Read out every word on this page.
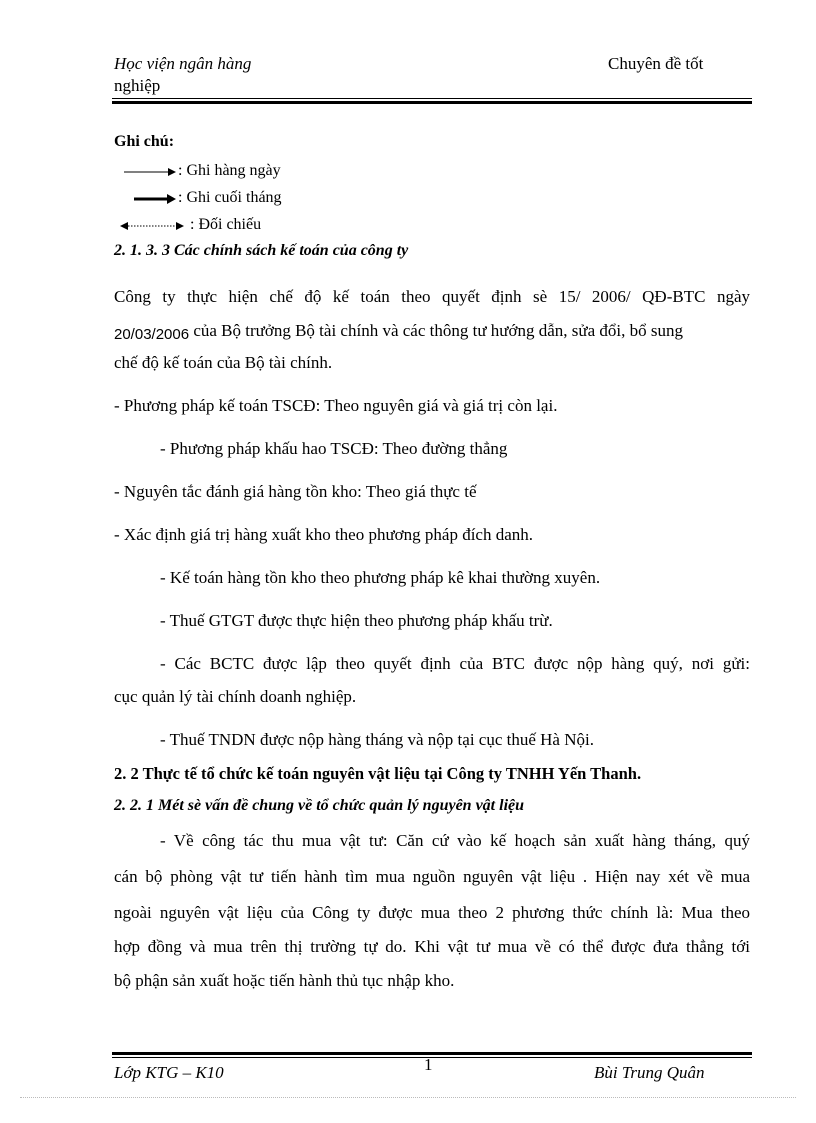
Học viện ngân hàng	Chuyên đề tốt
nghiệp
Ghi chú:
: Ghi hàng ngày
: Ghi cuối tháng
: Đối chiếu
2. 1. 3. 3 Các chính sách kế toán của công ty
Công ty thực hiện chế độ kế toán theo quyết định sè 15/ 2006/ QĐ-BTC ngày
20/03/2006 của Bộ trưởng Bộ tài chính và các thông tư hướng dẫn, sửa đổi, bổ sung
chế độ kế toán của Bộ tài chính.
- Phương pháp kế toán TSCĐ: Theo nguyên giá và giá trị còn lại.
- Phương pháp khấu hao TSCĐ: Theo đường thẳng
- Nguyên tắc đánh giá hàng tồn kho: Theo giá thực tế
- Xác định giá trị hàng xuất kho theo phương pháp đích danh.
- Kế toán hàng tồn kho theo phương pháp kê khai thường xuyên.
- Thuế GTGT được thực hiện theo phương pháp khấu trừ.
- Các BCTC được lập theo quyết định của BTC được nộp hàng quý, nơi gửi:
cục quản lý tài chính doanh nghiệp.
- Thuế TNDN được nộp hàng tháng và nộp tại cục thuế Hà Nội.
2. 2 Thực tế tổ chức kế toán nguyên vật liệu tại Công ty TNHH Yến Thanh.
2. 2. 1 Mét sè vấn đề chung về tổ chức quản lý nguyên vật liệu
- Về công tác thu mua vật tư: Căn cứ vào kế hoạch sản xuất hàng tháng, quý
cán bộ phòng vật tư tiến hành tìm mua nguồn nguyên vật liệu . Hiện nay xét về mua
ngoài nguyên vật liệu của Công ty được mua theo 2 phương thức chính là: Mua theo
hợp đồng và mua trên thị trường tự do. Khi vật tư mua về có thể được đưa thẳng tới
bộ phận sản xuất hoặc tiến hành thủ tục nhập kho.
Lớp KTG – K10	1	Bùi Trung Quân
